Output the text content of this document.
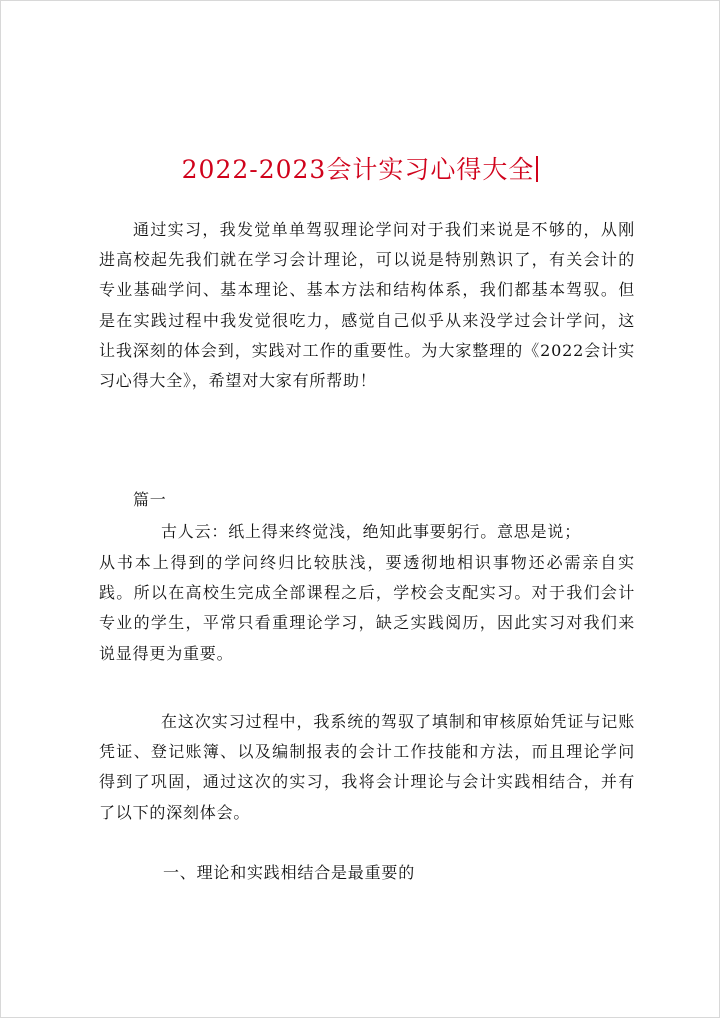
2022-2023会计实习心得大全

通过实习，我发觉单单驾驭理论学问对于我们来说是不够的，从刚进高校起先我们就在学习会计理论，可以说是特别熟识了，有关会计的专业基础学问、基本理论、基本方法和结构体系，我们都基本驾驭。但是在实践过程中我发觉很吃力，感觉自己似乎从来没学过会计学问，这让我深刻的体会到，实践对工作的重要性。为大家整理的《2022会计实习心得大全》，希望对大家有所帮助！

篇一

古人云：纸上得来终觉浅，绝知此事要躬行。意思是说；

从书本上得到的学问终归比较肤浅，要透彻地相识事物还必需亲自实践。所以在高校生完成全部课程之后，学校会支配实习。对于我们会计专业的学生，平常只看重理论学习，缺乏实践阅历，因此实习对我们来说显得更为重要。

在这次实习过程中，我系统的驾驭了填制和审核原始凭证与记账凭证、登记账簿、以及编制报表的会计工作技能和方法，而且理论学问得到了巩固，通过这次的实习，我将会计理论与会计实践相结合，并有了以下的深刻体会。

一、理论和实践相结合是最重要的
